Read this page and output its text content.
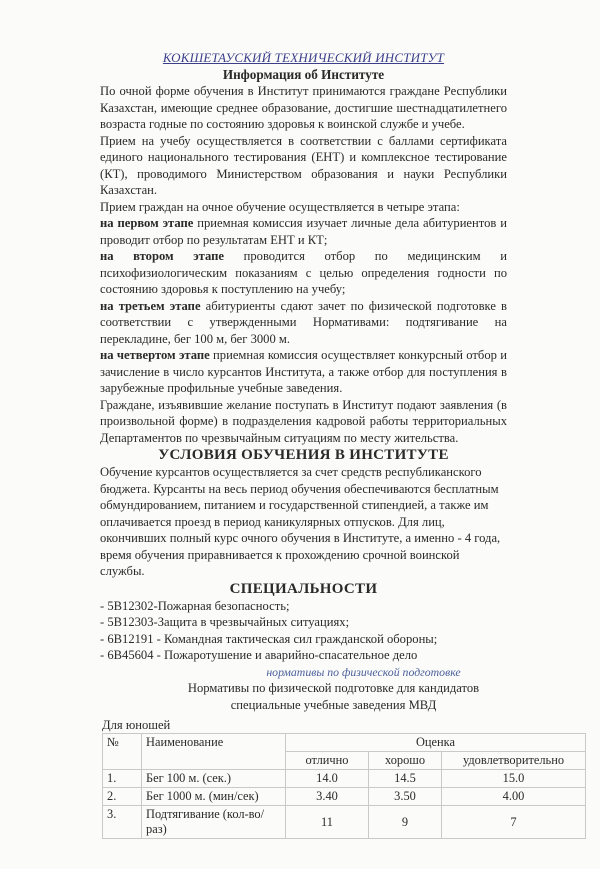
КОКШЕТАУСКИЙ ТЕХНИЧЕСКИЙ ИНСТИТУТ
Информация об Институте

По очной форме обучения в Институт принимаются граждане Республики Казахстан, имеющие среднее образование, достигшие шестнадцатилетнего возраста годные по состоянию здоровья к воинской службе и учебе.

Прием на учебу осуществляется в соответствии с баллами сертификата единого национального тестирования (ЕНТ) и комплексное тестирование (КТ), проводимого Министерством образования и науки Республики Казахстан.

Прием граждан на очное обучение осуществляется в четыре этапа:

на первом этапе приемная комиссия изучает личные дела абитуриентов и проводит отбор по результатам ЕНТ и КТ;

на втором этапе проводится отбор по медицинским и психофизиологическим показаниям с целью определения годности по состоянию здоровья к поступлению на учебу;

на третьем этапе абитуриенты сдают зачет по физической подготовке в соответствии с утвержденными Нормативами: подтягивание на перекладине, бег 100 м, бег 3000 м.

на четвертом этапе приемная комиссия осуществляет конкурсный отбор и зачисление в число курсантов Института, а также отбор для поступления в зарубежные профильные учебные заведения.

Граждане, изъявившие желание поступать в Институт подают заявления (в произвольной форме) в подразделения кадровой работы территориальных Департаментов по чрезвычайным ситуациям по месту жительства.

УСЛОВИЯ ОБУЧЕНИЯ В ИНСТИТУТЕ

Обучение курсантов осуществляется за счет средств республиканского бюджета. Курсанты на весь период обучения обеспечиваются бесплатным обмундированием, питанием и государственной стипендией, а также им оплачивается проезд в период каникулярных отпусков. Для лиц, окончивших полный курс очного обучения в Институте, а именно - 4 года, время обучения приравнивается к прохождению срочной воинской службы.

СПЕЦИАЛЬНОСТИ
- 5В12302-Пожарная безопасность;
- 5В12303-Защита в чрезвычайных ситуациях;
- 6В12191 - Командная тактическая сил гражданской обороны;
- 6В45604 - Пожаротушение и аварийно-спасательное дело
нормативы по физической подготовке
Нормативы по физической подготовке для кандидатов
специальные учебные заведения МВД
Для юношей
№	Наименование	Оценка		
		отлично	хорошо	удовлетворительно
1.	Бег 100 м. (сек.)	14.0	14.5	15.0
2.	Бег 1000 м. (мин/сек)	3.40	3.50	4.00
3.	Подтягивание (кол-во/раз)	11	9	7
